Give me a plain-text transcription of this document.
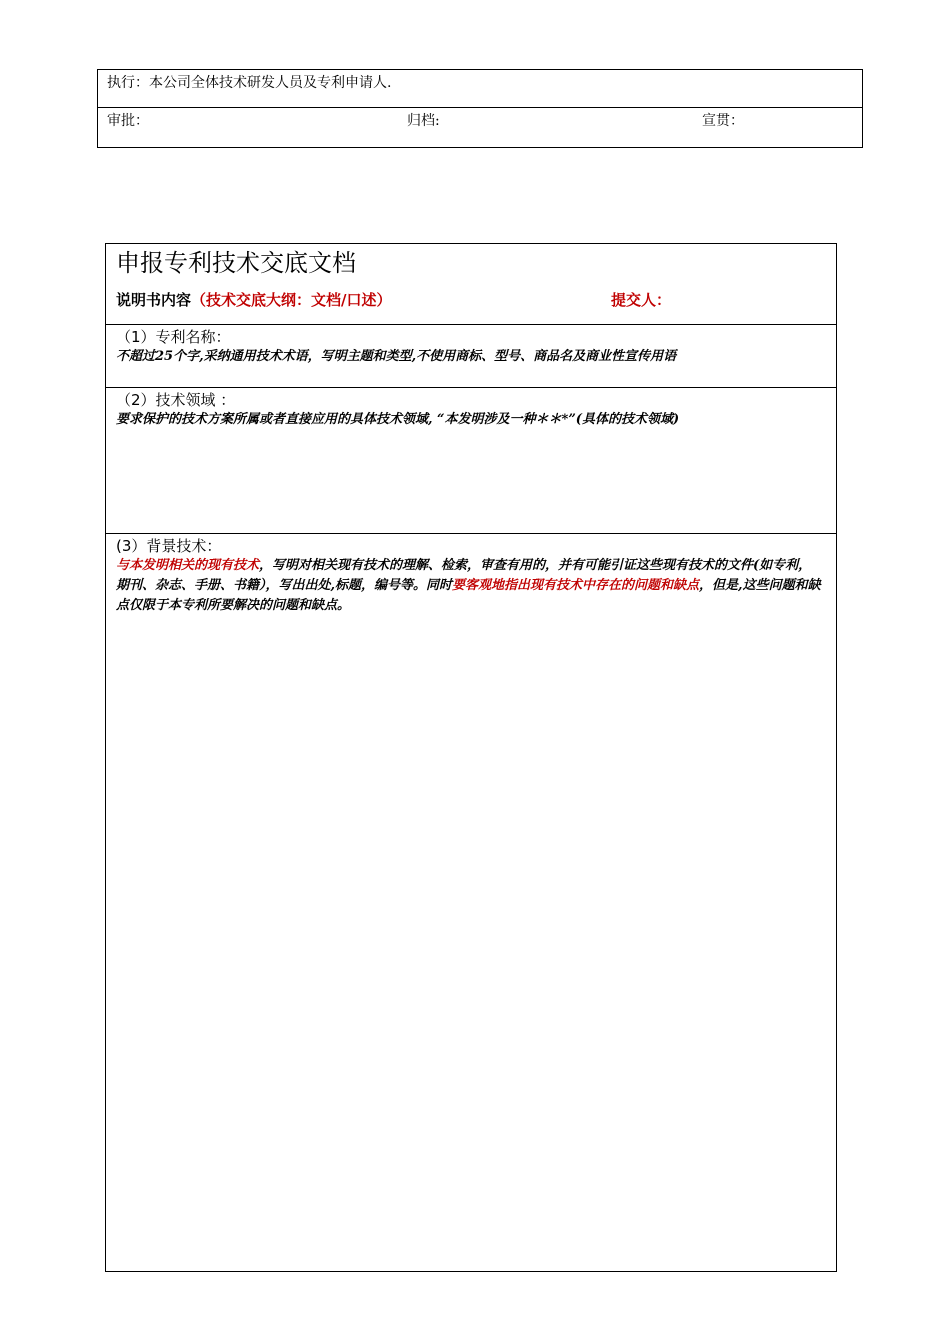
执行：本公司全体技术研发人员及专利申请人.
审批：	归档:	宣贯：
申报专利技术交底文档
说明书内容（技术交底大纲：文档/口述）	提交人：
（1）专利名称：
不超过25个字,采纳通用技术术语，写明主题和类型,不使用商标、型号、商品名及商业性宣传用语
（2）技术领域 ：
要求保护的技术方案所属或者直接应用的具体技术领域, “本发明涉及一种＊＊*”(具体的技术领域)
(3）背景技术：
与本发明相关的现有技术，写明对相关现有技术的理解、检索，审查有用的，并有可能引证这些现有技术的文件(如专利，期刊、杂志、手册、书籍），写出出处,标题，编号等。同时要客观地指出现有技术中存在的问题和缺点，但是,这些问题和缺点仅限于本专利所要解决的问题和缺点。
